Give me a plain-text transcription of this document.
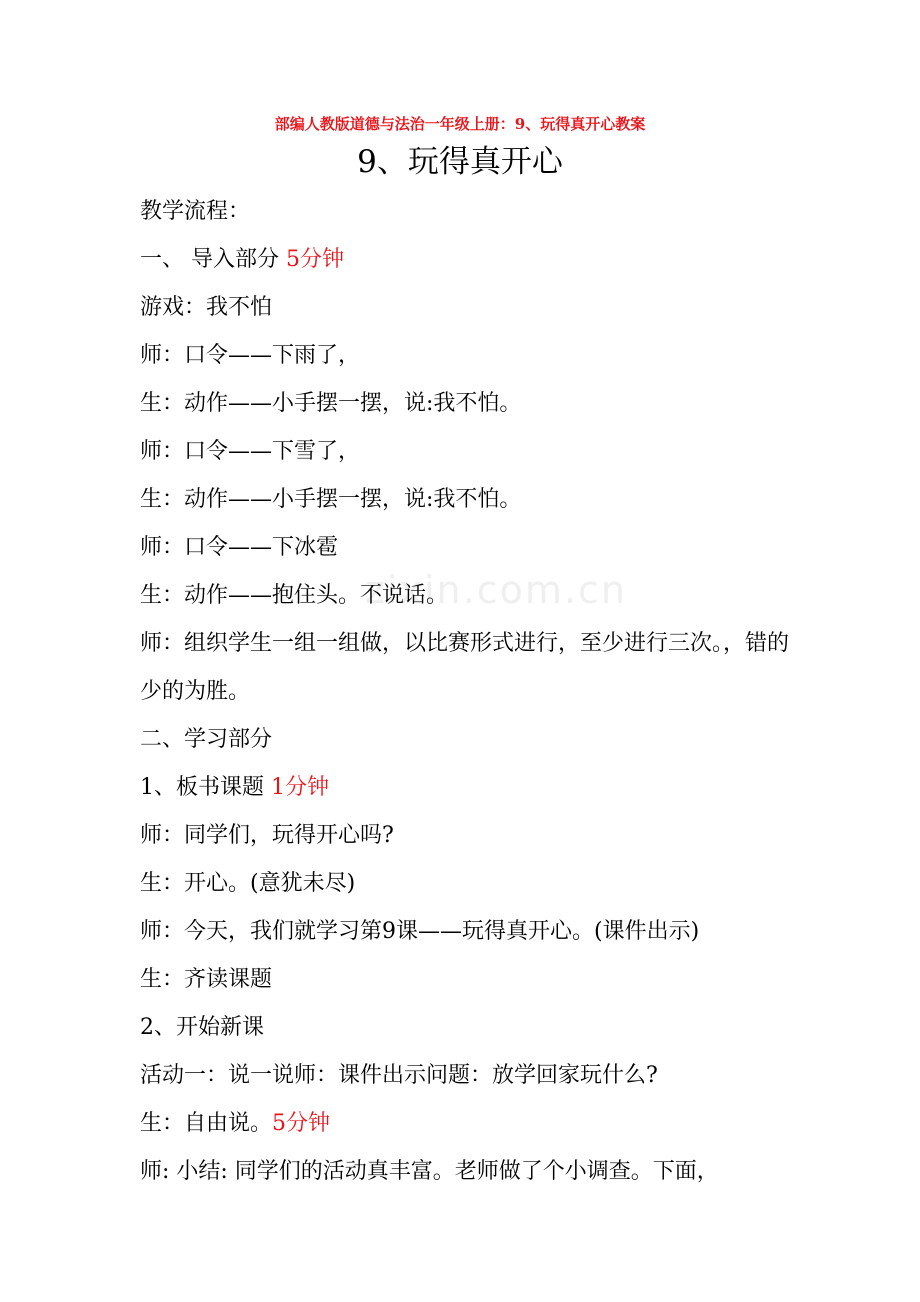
部编人教版道德与法治一年级上册：9、玩得真开心教案
9、玩得真开心
zixin.com.cn
教学流程：
一、 导入部分 5分钟
游戏：我不怕
师：口令——下雨了，
生：动作——小手摆一摆，说:我不怕。
师：口令——下雪了，
生：动作——小手摆一摆，说:我不怕。
师：口令——下冰雹
生：动作——抱住头。不说话。
师：组织学生一组一组做，以比赛形式进行，至少进行三次。，错的少的为胜。
二、学习部分
1、板书课题 1分钟
师：同学们，玩得开心吗?
生：开心。(意犹未尽)
师：今天，我们就学习第9课——玩得真开心。(课件出示)
生：齐读课题
2、开始新课
活动一：说一说师：课件出示问题：放学回家玩什么?
生：自由说。5分钟
师: 小结: 同学们的活动真丰富。老师做了个小调查。下面，
